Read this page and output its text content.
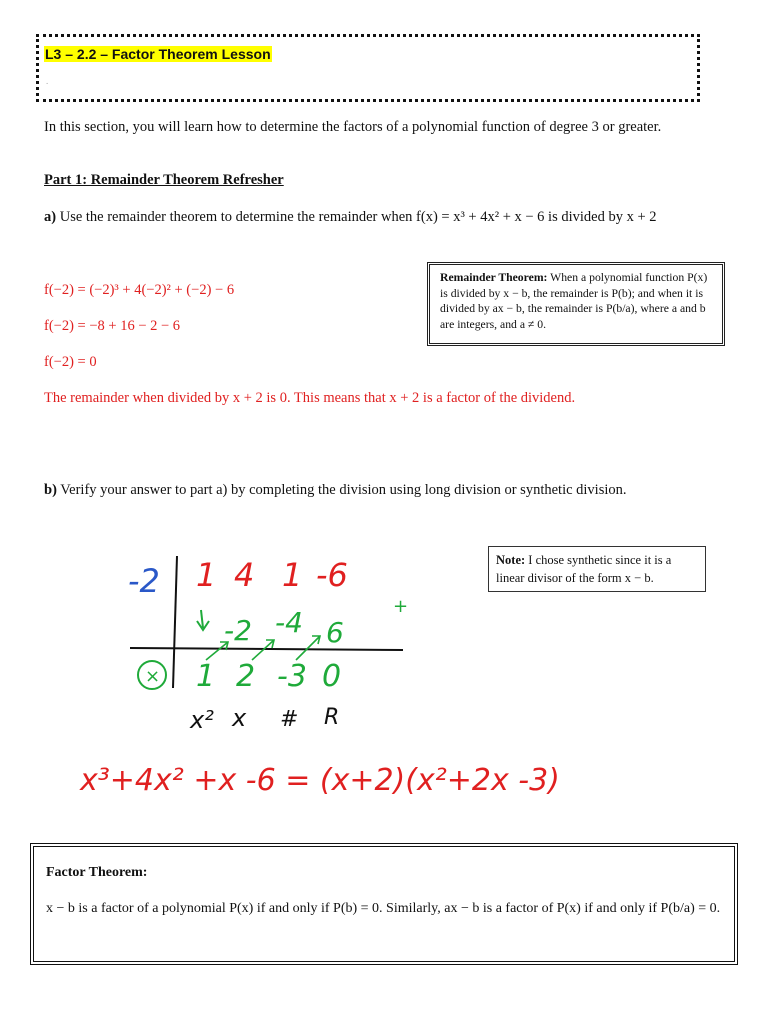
L3 – 2.2 – Factor Theorem Lesson
.
In this section, you will learn how to determine the factors of a polynomial function of degree 3 or greater.
Part 1: Remainder Theorem Refresher
a) Use the remainder theorem to determine the remainder when f(x) = x³ + 4x² + x − 6 is divided by x + 2
f(−2) = (−2)³ + 4(−2)² + (−2) − 6
f(−2) = −8 + 16 − 2 − 6
f(−2) = 0
The remainder when divided by x + 2 is 0. This means that x + 2 is a factor of the dividend.
Remainder Theorem: When a polynomial function P(x) is divided by x − b, the remainder is P(b); and when it is divided by ax − b, the remainder is P(b/a), where a and b are integers, and a ≠ 0.
b) Verify your answer to part a) by completing the division using long division or synthetic division.
Note: I chose synthetic since it is a linear divisor of the form x − b.
-2 1 4 1 -6
-2 -4 6
+
× 1 2 -3 0
x² x # R
x³+4x² +x -6 = (x+2)(x²+2x -3)
Factor Theorem:
x − b is a factor of a polynomial P(x) if and only if P(b) = 0. Similarly, ax − b is a factor of P(x) if and only if P(b/a) = 0.
